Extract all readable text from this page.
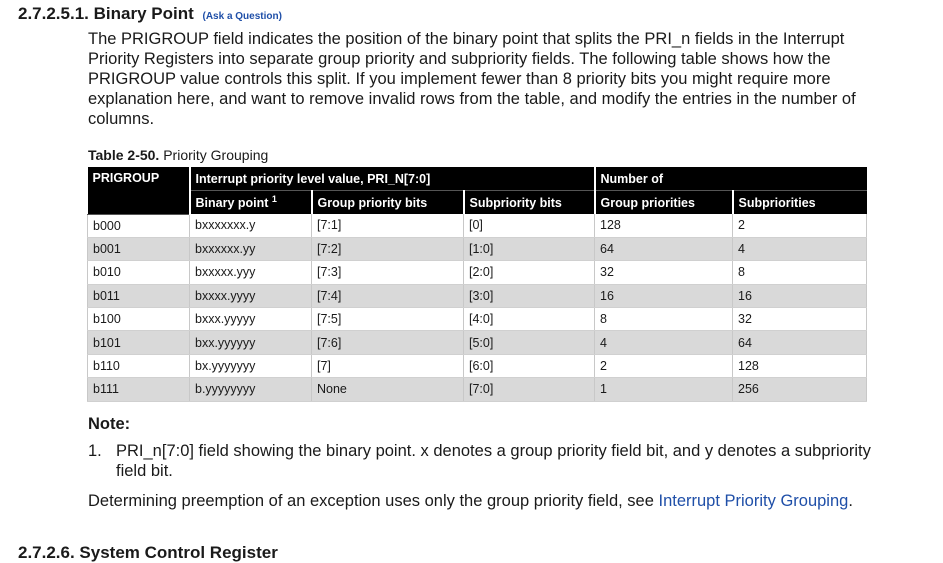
2.7.2.5.1. Binary Point (Ask a Question)
The PRIGROUP field indicates the position of the binary point that splits the PRI_n fields in the Interrupt Priority Registers into separate group priority and subpriority fields. The following table shows how the PRIGROUP value controls this split. If you implement fewer than 8 priority bits you might require more explanation here, and want to remove invalid rows from the table, and modify the entries in the number of columns.
Table 2-50. Priority Grouping
PRIGROUP	Interrupt priority level value, PRI_N[7:0]			Number of	
	Binary point $^1$	Group priority bits	Subpriority bits	Group priorities	Subpriorities
b000	bxxxxxxx.y	[7:1]	[0]	128	2
b001	bxxxxxx.yy	[7:2]	[1:0]	64	4
b010	bxxxxx.yyy	[7:3]	[2:0]	32	8
b011	bxxxx.yyyy	[7:4]	[3:0]	16	16
b100	bxxx.yyyyy	[7:5]	[4:0]	8	32
b101	bxx.yyyyyy	[7:6]	[5:0]	4	64
b110	bx.yyyyyyy	[7]	[6:0]	2	128
b111	b.yyyyyyyy	None	[7:0]	1	256
Note:
1. PRI_n[7:0] field showing the binary point. x denotes a group priority field bit, and y denotes a subpriority field bit.
Determining preemption of an exception uses only the group priority field, see Interrupt Priority Grouping.
2.7.2.6. System Control Register
